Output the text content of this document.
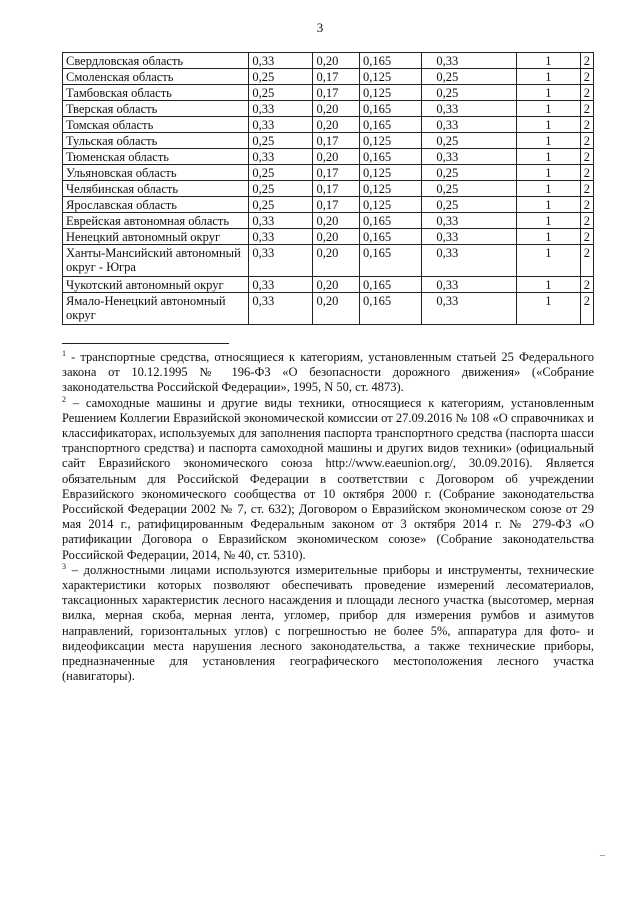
3
Свердловская область	0,33	0,20	0,165	0,33	1	2
Смоленская область	0,25	0,17	0,125	0,25	1	2
Тамбовская область	0,25	0,17	0,125	0,25	1	2
Тверская область	0,33	0,20	0,165	0,33	1	2
Томская область	0,33	0,20	0,165	0,33	1	2
Тульская область	0,25	0,17	0,125	0,25	1	2
Тюменская область	0,33	0,20	0,165	0,33	1	2
Ульяновская область	0,25	0,17	0,125	0,25	1	2
Челябинская область	0,25	0,17	0,125	0,25	1	2
Ярославская область	0,25	0,17	0,125	0,25	1	2
Еврейская автономная область	0,33	0,20	0,165	0,33	1	2
Ненецкий автономный округ	0,33	0,20	0,165	0,33	1	2
Ханты-Мансийский автономный округ - Югра	0,33	0,20	0,165	0,33	1	2
Чукотский автономный округ	0,33	0,20	0,165	0,33	1	2
Ямало-Ненецкий автономный округ	0,33	0,20	0,165	0,33	1	2

$^1$ - транспортные средства, относящиеся к категориям, установленным статьей 25 Федерального закона от 10.12.1995 № 196-ФЗ «О безопасности дорожного движения» («Собрание законодательства Российской Федерации», 1995, N 50, ст. 4873).

$^2$ – самоходные машины и другие виды техники, относящиеся к категориям, установленным Решением Коллегии Евразийской экономической комиссии от 27.09.2016 № 108 «О справочниках и классификаторах, используемых для заполнения паспорта транспортного средства (паспорта шасси транспортного средства) и паспорта самоходной машины и других видов техники» (официальный сайт Евразийского экономического союза http://www.eaeunion.org/, 30.09.2016). Является обязательным для Российской Федерации в соответствии с Договором об учреждении Евразийского экономического сообщества от 10 октября 2000 г. (Собрание законодательства Российской Федерации 2002 № 7, ст. 632); Договором о Евразийском экономическом союзе от 29 мая 2014 г., ратифицированным Федеральным законом от 3 октября 2014 г. № 279-ФЗ «О ратификации Договора о Евразийском экономическом союзе» (Собрание законодательства Российской Федерации, 2014, № 40, ст. 5310).

$^3$ – должностными лицами используются измерительные приборы и инструменты, технические характеристики которых позволяют обеспечивать проведение измерений лесоматериалов, таксационных характеристик лесного насаждения и площади лесного участка (высотомер, мерная вилка, мерная скоба, мерная лента, угломер, прибор для измерения румбов и азимутов направлений, горизонтальных углов) с погрешностью не более 5%, аппаратура для фото- и видеофиксации места нарушения лесного законодательства, а также технические приборы, предназначенные для установления географического местоположения лесного участка (навигаторы).

–
